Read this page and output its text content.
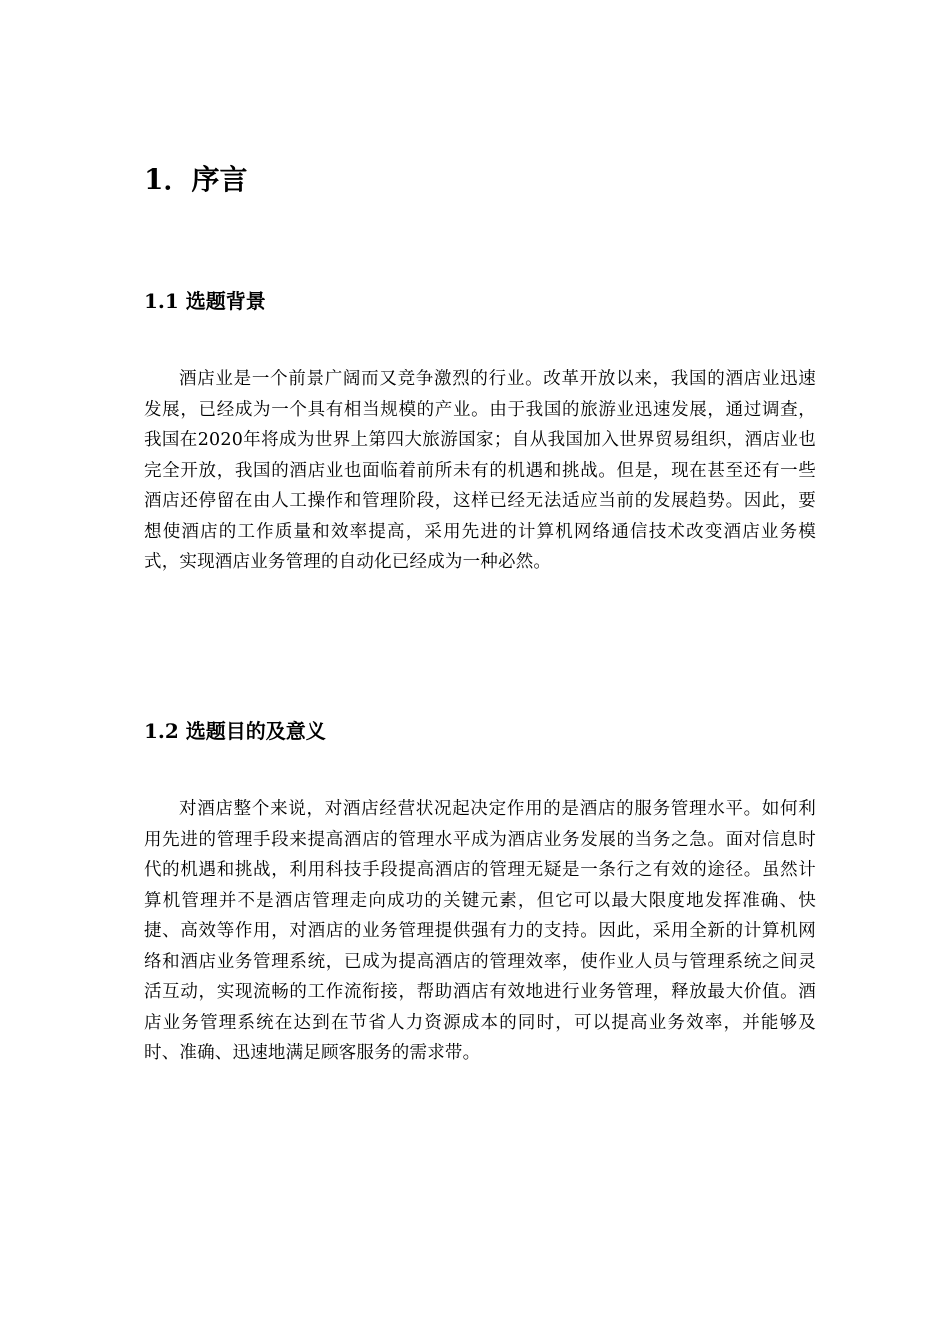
1．序言
1.1 选题背景

酒店业是一个前景广阔而又竞争激烈的行业。改革开放以来，我国的酒店业迅速发展，已经成为一个具有相当规模的产业。由于我国的旅游业迅速发展，通过调查，我国在2020年将成为世界上第四大旅游国家；自从我国加入世界贸易组织，酒店业也完全开放，我国的酒店业也面临着前所未有的机遇和挑战。但是，现在甚至还有一些酒店还停留在由人工操作和管理阶段，这样已经无法适应当前的发展趋势。因此，要想使酒店的工作质量和效率提高，采用先进的计算机网络通信技术改变酒店业务模式，实现酒店业务管理的自动化已经成为一种必然。

1.2 选题目的及意义

对酒店整个来说，对酒店经营状况起决定作用的是酒店的服务管理水平。如何利用先进的管理手段来提高酒店的管理水平成为酒店业务发展的当务之急。面对信息时代的机遇和挑战，利用科技手段提高酒店的管理无疑是一条行之有效的途径。虽然计算机管理并不是酒店管理走向成功的关键元素，但它可以最大限度地发挥准确、快捷、高效等作用，对酒店的业务管理提供强有力的支持。因此，采用全新的计算机网络和酒店业务管理系统，已成为提高酒店的管理效率，使作业人员与管理系统之间灵活互动，实现流畅的工作流衔接，帮助酒店有效地进行业务管理，释放最大价值。酒店业务管理系统在达到在节省人力资源成本的同时，可以提高业务效率，并能够及时、准确、迅速地满足顾客服务的需求带。
